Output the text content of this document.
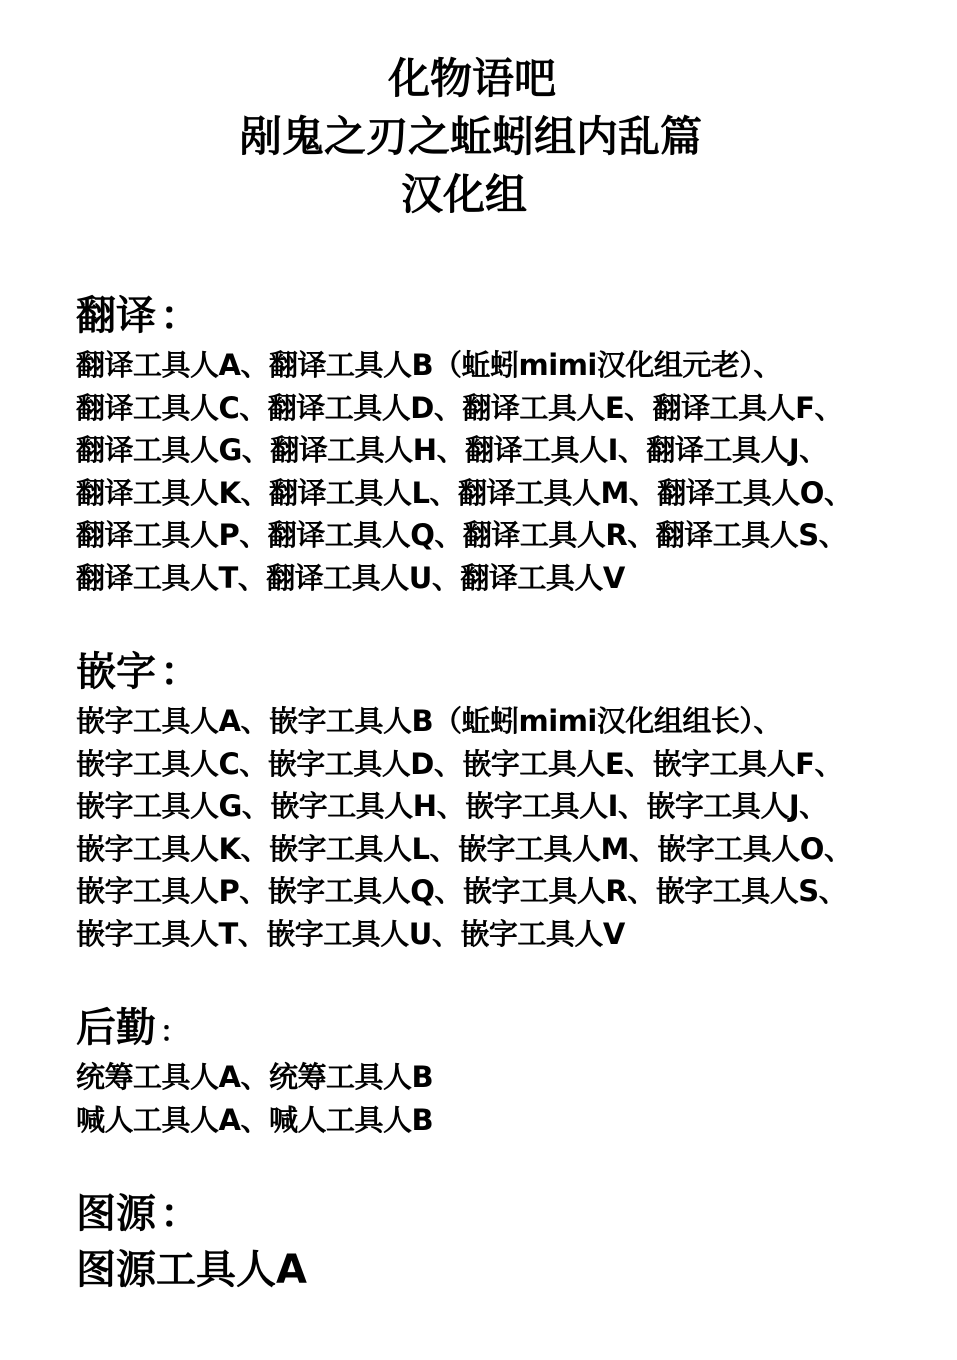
化物语吧
剐鬼之刃之蚯蚓组内乱篇
汉化组
翻译 ：
翻译工具人A、翻译工具人B（蚯蚓mimi汉化组元老）、
翻译工具人C、翻译工具人D、翻译工具人E、翻译工具人F、
翻译工具人G、翻译工具人H、翻译工具人I、翻译工具人J、
翻译工具人K、翻译工具人L、翻译工具人M、翻译工具人O、
翻译工具人P、翻译工具人Q、翻译工具人R、翻译工具人S、
翻译工具人T、翻译工具人U、翻译工具人V
嵌字 ：
嵌字工具人A、嵌字工具人B（蚯蚓mimi汉化组组长）、
嵌字工具人C、嵌字工具人D、嵌字工具人E、嵌字工具人F、
嵌字工具人G、嵌字工具人H、嵌字工具人I、嵌字工具人J、
嵌字工具人K、嵌字工具人L、嵌字工具人M、嵌字工具人O、
嵌字工具人P、嵌字工具人Q、嵌字工具人R、嵌字工具人S、
嵌字工具人T、嵌字工具人U、嵌字工具人V
后勤 ：
统筹工具人A、统筹工具人B
喊人工具人A、喊人工具人B
图源 ：
图源工具人A
